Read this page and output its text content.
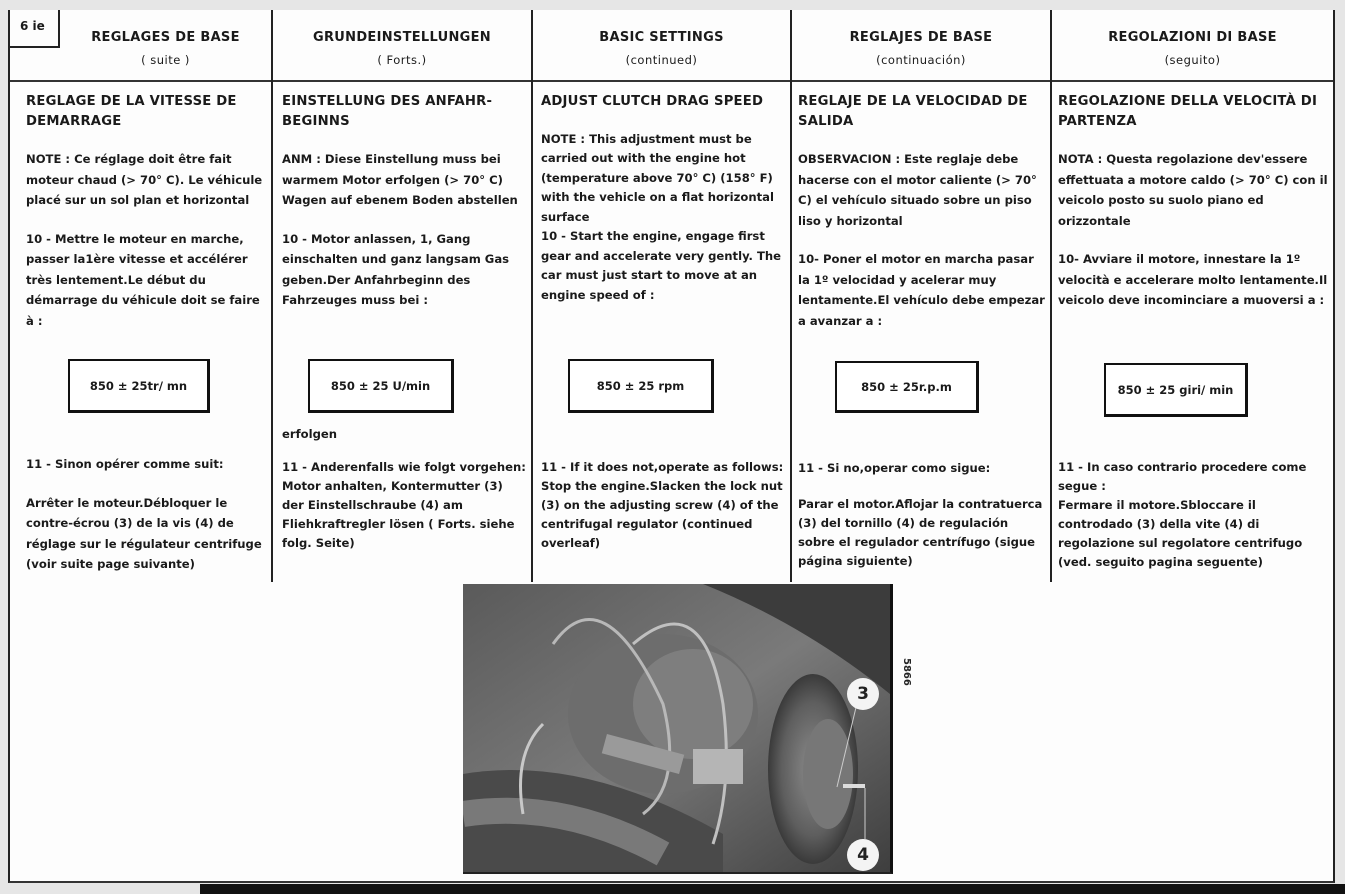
6 ie
REGLAGES DE BASE
( suite )
REGLAGE DE LA VITESSE DE DEMARRAGE

NOTE : Ce réglage doit être fait moteur chaud (> 70° C). Le véhicule placé sur un sol plan et horizontal

10 - Mettre le moteur en marche, passer la1ère vitesse et accélérer très lentement.Le début du démarrage du véhicule doit se faire à :

850 ± 25tr/ mn

11 - Sinon opérer comme suit:

Arrêter le moteur.Débloquer le contre-écrou (3) de la vis (4) de réglage sur le régulateur centrifuge (voir suite page suivante)

GRUNDEINSTELLUNGEN
( Forts.)
EINSTELLUNG DES ANFAHR-BEGINNS

ANM : Diese Einstellung muss bei warmem Motor erfolgen (> 70° C) Wagen auf ebenem Boden abstellen

10 - Motor anlassen, 1, Gang einschalten und ganz langsam Gas geben.Der Anfahrbeginn des Fahrzeuges muss bei :

850 ± 25 U/min
erfolgen

11 - Anderenfalls wie folgt vorgehen:

Motor anhalten, Kontermutter (3) der Einstellschraube (4) am Fliehkraftregler lösen ( Forts. siehe folg. Seite)

BASIC SETTINGS
(continued)
ADJUST CLUTCH DRAG SPEED

NOTE : This adjustment must be carried out with the engine hot (temperature above 70° C) (158° F) with the vehicle on a flat horizontal surface

10 - Start the engine, engage first gear and accelerate very gently. The car must just start to move at an engine speed of :

850 ± 25 rpm

11 - If it does not,operate as follows:

Stop the engine.Slacken the lock nut (3) on the adjusting screw (4) of the centrifugal regulator (continued overleaf)

REGLAJES DE BASE
(continuación)
REGLAJE DE LA VELOCIDAD DE SALIDA

OBSERVACION : Este reglaje debe hacerse con el motor caliente (> 70° C) el vehículo situado sobre un piso liso y horizontal

10- Poner el motor en marcha pasar la 1º velocidad y acelerar muy lentamente.El vehículo debe empezar a avanzar a :

850 ± 25r.p.m

11 - Si no,operar como sigue:

Parar el motor.Aflojar la contratuerca (3) del tornillo (4) de regulación sobre el regulador centrífugo (sigue página siguiente)

REGOLAZIONI DI BASE
(seguito)
REGOLAZIONE DELLA VELOCITÀ DI PARTENZA

NOTA : Questa regolazione dev'essere effettuata a motore caldo (> 70° C) con il veicolo posto su suolo piano ed orizzontale

10- Avviare il motore, innestare la 1º velocità e accelerare molto lentamente.Il veicolo deve incominciare a muoversi a :

850 ± 25 giri/ min

11 - In caso contrario procedere come segue :

Fermare il motore.Sbloccare il controdado (3) della vite (4) di regolazione sul regolatore centrifugo (ved. seguito pagina seguente)

3
4
5866
